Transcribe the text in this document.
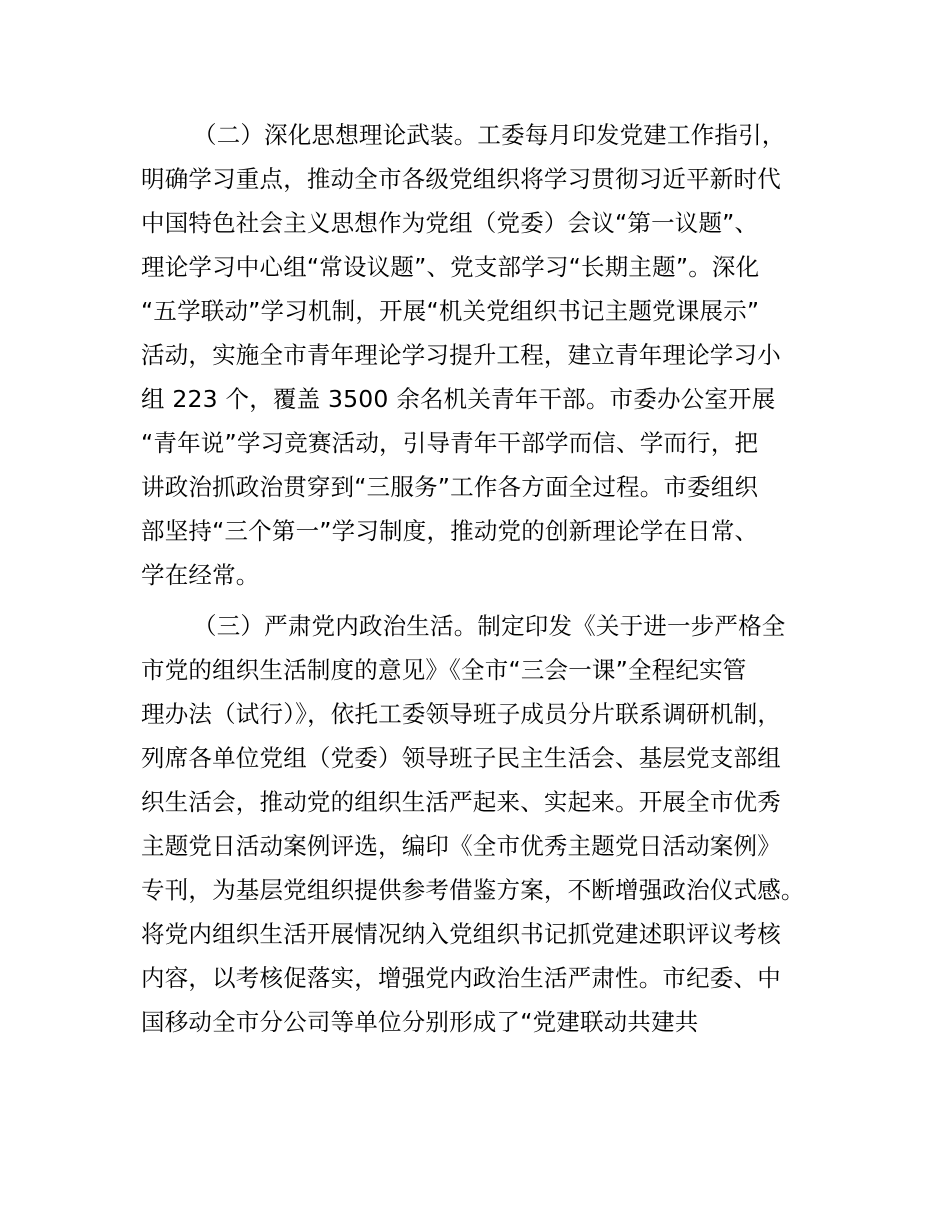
（二）深化思想理论武装。工委每月印发党建工作指引，
明确学习重点，推动全市各级党组织将学习贯彻习近平新时代
中国特色社会主义思想作为党组（党委）会议“第一议题”、
理论学习中心组“常设议题”、党支部学习“长期主题”。深化
“五学联动”学习机制，开展“机关党组织书记主题党课展示”
活动，实施全市青年理论学习提升工程，建立青年理论学习小
组 223 个，覆盖 3500 余名机关青年干部。市委办公室开展
“青年说”学习竞赛活动，引导青年干部学而信、学而行，把
讲政治抓政治贯穿到“三服务”工作各方面全过程。市委组织
部坚持“三个第一”学习制度，推动党的创新理论学在日常、
学在经常。
（三）严肃党内政治生活。制定印发《关于进一步严格全
市党的组织生活制度的意见》《全市“三会一课”全程纪实管
理办法（试行）》，依托工委领导班子成员分片联系调研机制，
列席各单位党组（党委）领导班子民主生活会、基层党支部组
织生活会，推动党的组织生活严起来、实起来。开展全市优秀
主题党日活动案例评选，编印《全市优秀主题党日活动案例》
专刊，为基层党组织提供参考借鉴方案，不断增强政治仪式感。
将党内组织生活开展情况纳入党组织书记抓党建述职评议考核
内容，以考核促落实，增强党内政治生活严肃性。市纪委、中
国移动全市分公司等单位分别形成了“党建联动共建共
